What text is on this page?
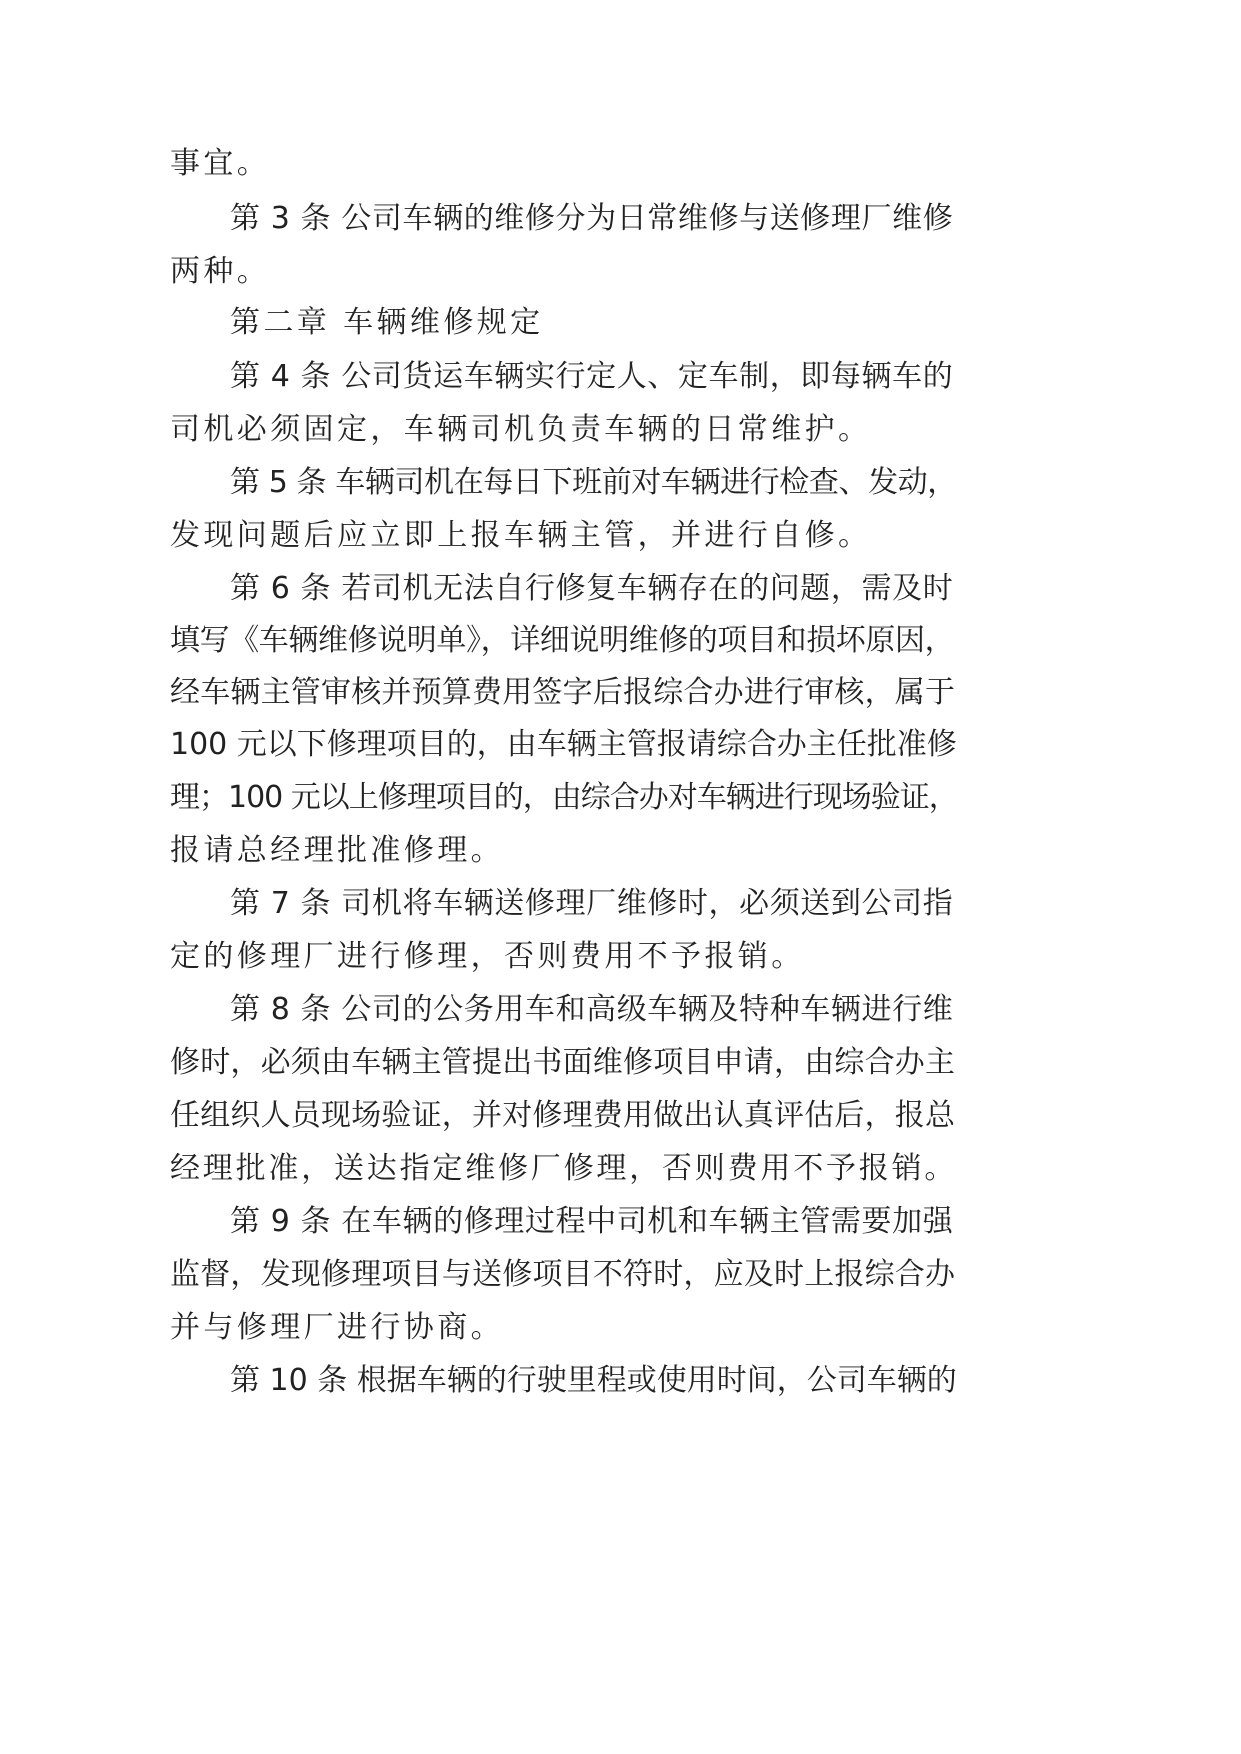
事宜。
第 3 条 公司车辆的维修分为日常维修与送修理厂维修
两种。
第二章 车辆维修规定
第 4 条 公司货运车辆实行定人、定车制，即每辆车的
司机必须固定，车辆司机负责车辆的日常维护。
第 5 条 车辆司机在每日下班前对车辆进行检查、发动，
发现问题后应立即上报车辆主管，并进行自修。
第 6 条 若司机无法自行修复车辆存在的问题，需及时
填写《车辆维修说明单》，详细说明维修的项目和损坏原因，
经车辆主管审核并预算费用签字后报综合办进行审核，属于
100 元以下修理项目的，由车辆主管报请综合办主任批准修
理；100 元以上修理项目的，由综合办对车辆进行现场验证，
报请总经理批准修理。
第 7 条 司机将车辆送修理厂维修时，必须送到公司指
定的修理厂进行修理，否则费用不予报销。
第 8 条 公司的公务用车和高级车辆及特种车辆进行维
修时，必须由车辆主管提出书面维修项目申请，由综合办主
任组织人员现场验证，并对修理费用做出认真评估后，报总
经理批准，送达指定维修厂修理，否则费用不予报销。
第 9 条 在车辆的修理过程中司机和车辆主管需要加强
监督，发现修理项目与送修项目不符时，应及时上报综合办
并与修理厂进行协商。
第 10 条 根据车辆的行驶里程或使用时间，公司车辆的
